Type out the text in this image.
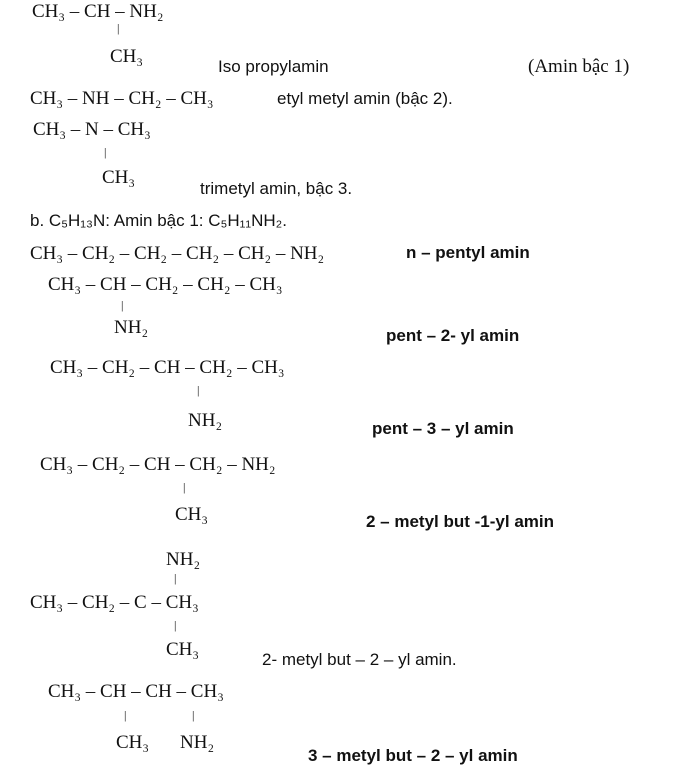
CH₃ – CH – NH₂
|
CH₃	Iso propylamin	(Amin bậc 1)
CH₃ – NH – CH₂ – CH₃	etyl metyl amin (bậc 2).
CH₃ – N – CH₃
|
CH₃
trimetyl amin, bậc 3.
b. C₅H₁₃N: Amin bậc 1: C₅H₁₁NH₂.
CH₃ – CH₂ – CH₂ – CH₂ – CH₂ – NH₂	n – pentyl amin
CH₃ – CH – CH₂ – CH₂ – CH₃
|
NH₂	pent – 2- yl amin
CH₃ – CH₂ – CH – CH₂ – CH₃
|
NH₂	pent – 3 – yl amin
CH₃ – CH₂ – CH – CH₂ – NH₂
|
CH₃	2 – metyl but -1-yl amin
NH₂
|
CH₃ – CH₂ – C – CH₃
|
CH₃	2- metyl but – 2 – yl amin.
CH₃ – CH – CH – CH₃
|	|
CH₃ NH₂
3 – metyl but – 2 – yl amin
